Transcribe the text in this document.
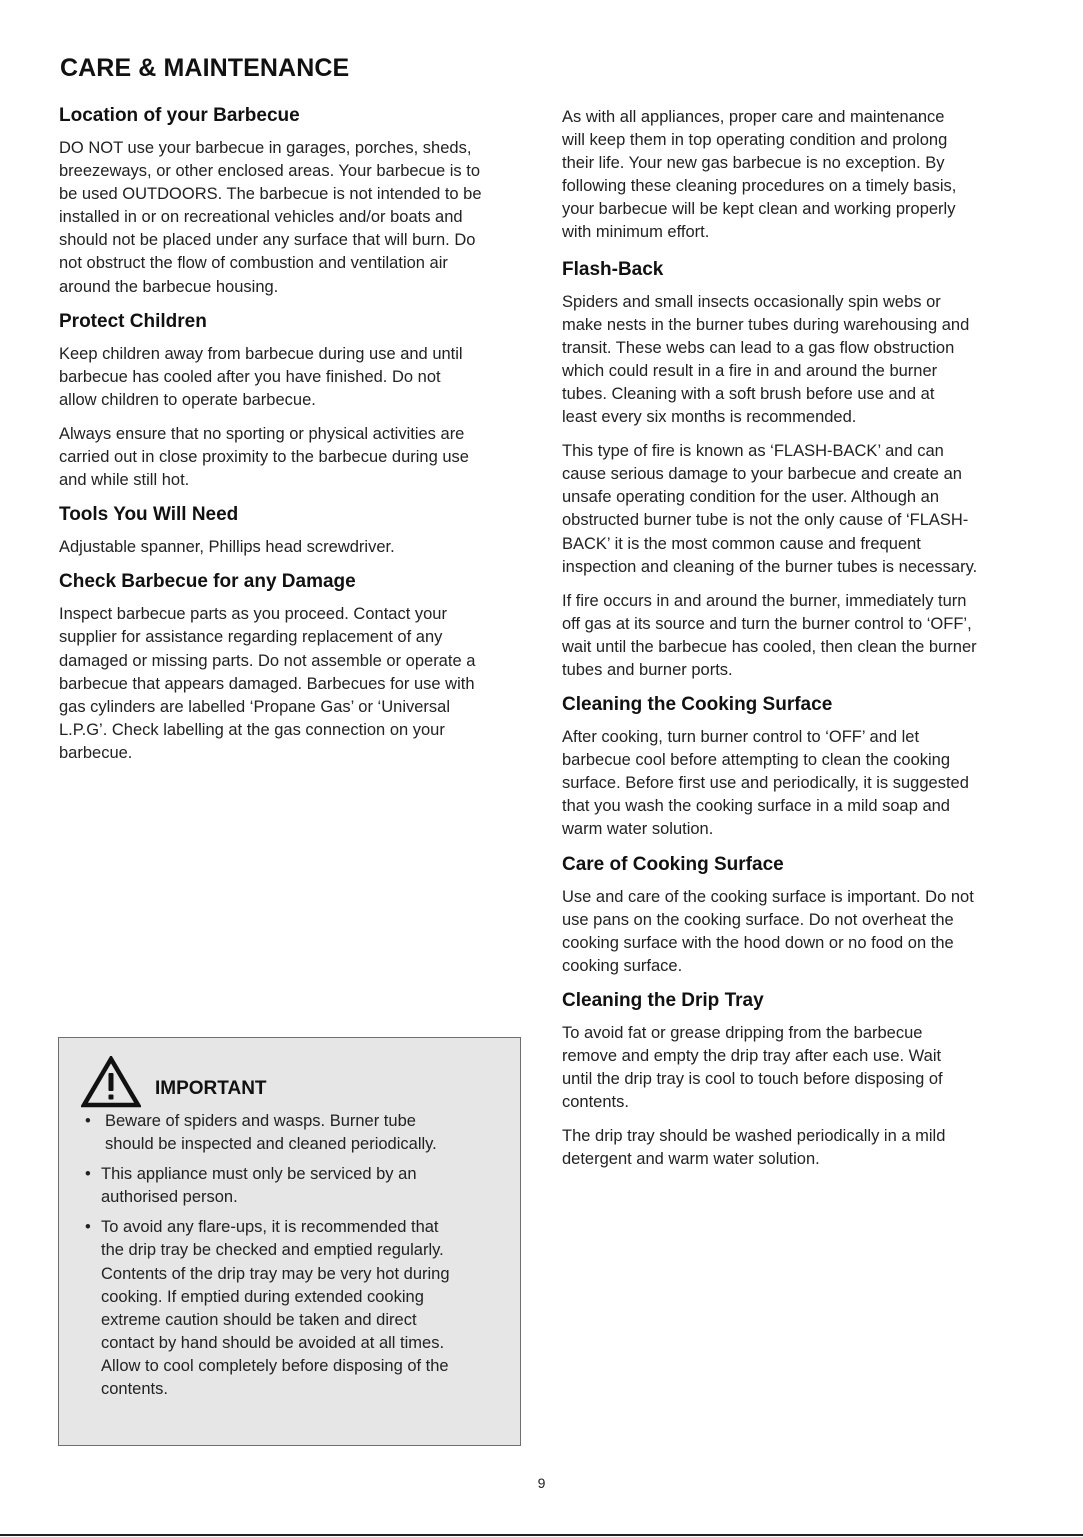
CARE & MAINTENANCE
Location of your Barbecue
DO NOT use your barbecue in garages, porches, sheds,
breezeways, or other enclosed areas. Your barbecue is to
be used OUTDOORS. The barbecue is not intended to be
installed in or on recreational vehicles and/or boats and
should not be placed under any surface that will burn. Do
not obstruct the flow of combustion and ventilation air
around the barbecue housing.
Protect Children
Keep children away from barbecue during use and until
barbecue has cooled after you have finished. Do not
allow children to operate barbecue.
Always ensure that no sporting or physical activities are
carried out in close proximity to the barbecue during use
and while still hot.
Tools You Will Need
Adjustable spanner, Phillips head screwdriver.
Check Barbecue for any Damage
Inspect barbecue parts as you proceed. Contact your
supplier for assistance regarding replacement of any
damaged or missing parts. Do not assemble or operate a
barbecue that appears damaged. Barbecues for use with
gas cylinders are labelled ‘Propane Gas’ or ‘Universal
L.P.G’. Check labelling at the gas connection on your
barbecue.
IMPORTANT
• Beware of spiders and wasps. Burner tube
should be inspected and cleaned periodically.
• This appliance must only be serviced by an
authorised person.
• To avoid any flare-ups, it is recommended that
the drip tray be checked and emptied regularly.
Contents of the drip tray may be very hot during
cooking. If emptied during extended cooking
extreme caution should be taken and direct
contact by hand should be avoided at all times.
Allow to cool completely before disposing of the
contents.
As with all appliances, proper care and maintenance
will keep them in top operating condition and prolong
their life. Your new gas barbecue is no exception. By
following these cleaning procedures on a timely basis,
your barbecue will be kept clean and working properly
with minimum effort.
Flash-Back
Spiders and small insects occasionally spin webs or
make nests in the burner tubes during warehousing and
transit. These webs can lead to a gas flow obstruction
which could result in a fire in and around the burner
tubes. Cleaning with a soft brush before use and at
least every six months is recommended.
This type of fire is known as ‘FLASH-BACK’ and can
cause serious damage to your barbecue and create an
unsafe operating condition for the user. Although an
obstructed burner tube is not the only cause of ‘FLASH-
BACK’ it is the most common cause and frequent
inspection and cleaning of the burner tubes is necessary.
If fire occurs in and around the burner, immediately turn
off gas at its source and turn the burner control to ‘OFF’,
wait until the barbecue has cooled, then clean the burner
tubes and burner ports.
Cleaning the Cooking Surface
After cooking, turn burner control to ‘OFF’ and let
barbecue cool before attempting to clean the cooking
surface. Before first use and periodically, it is suggested
that you wash the cooking surface in a mild soap and
warm water solution.
Care of Cooking Surface
Use and care of the cooking surface is important. Do not
use pans on the cooking surface. Do not overheat the
cooking surface with the hood down or no food on the
cooking surface.
Cleaning the Drip Tray
To avoid fat or grease dripping from the barbecue
remove and empty the drip tray after each use. Wait
until the drip tray is cool to touch before disposing of
contents.
The drip tray should be washed periodically in a mild
detergent and warm water solution.
9
